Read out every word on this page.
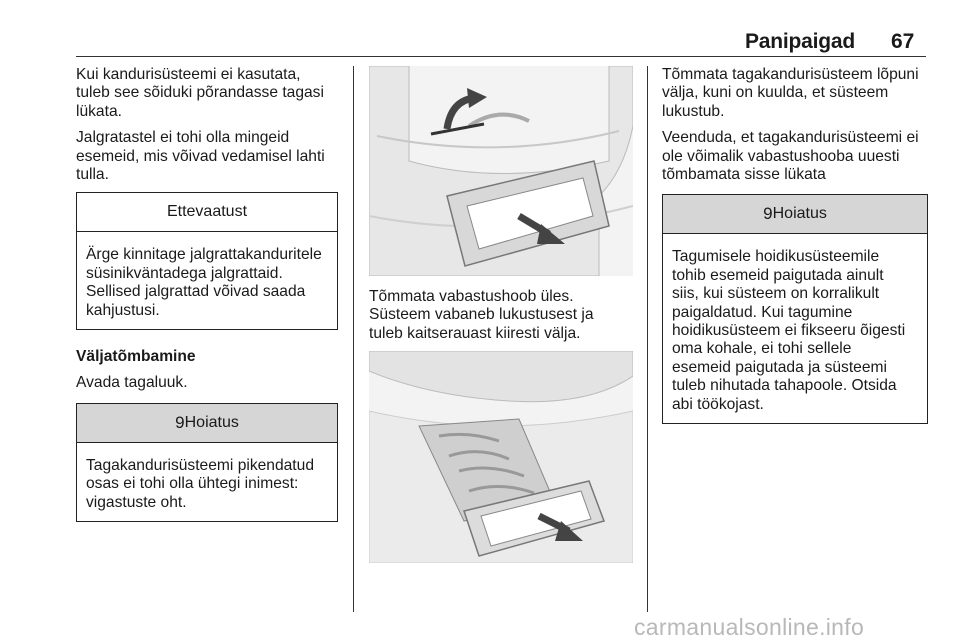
Panipaigad 67

Kui kandurisüsteemi ei kasutata,
tuleb see sõiduki põrandasse tagasi
lükata.

Jalgratastel ei tohi olla mingeid
esemeid, mis võivad vedamisel lahti
tulla.

Ettevaatust
Ärge kinnitage jalgrattakanduritele
süsinikväntadega jalgrattaid.
Sellised jalgrattad võivad saada
kahjustusi.

Väljatõmbamine

Avada tagaluuk.

9Hoiatus
Tagakandurisüsteemi pikendatud
osas ei tohi olla ühtegi inimest:
vigastuste oht.

Tõmmata vabastushoob üles.
Süsteem vabaneb lukustusest ja
tuleb kaitserauast kiiresti välja.

Tõmmata tagakandurisüsteem lõpuni
välja, kuni on kuulda, et süsteem
lukustub.

Veenduda, et tagakandurisüsteemi ei
ole võimalik vabastushooba uuesti
tõmbamata sisse lükata

9Hoiatus
Tagumisele hoidikusüsteemile
tohib esemeid paigutada ainult
siis, kui süsteem on korralikult
paigaldatud. Kui tagumine
hoidikusüsteem ei fikseeru õigesti
oma kohale, ei tohi sellele
esemeid paigutada ja süsteemi
tuleb nihutada tahapoole. Otsida
abi töökojast.
carmanualsonline.info
